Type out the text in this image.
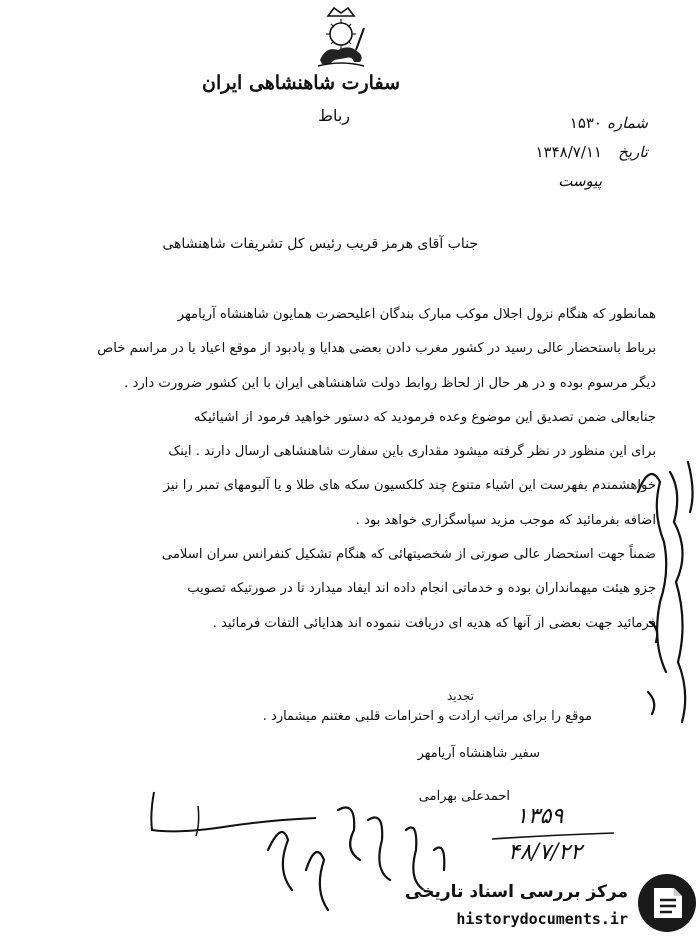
سفارت شاهنشاهی ایران
رباط	شماره
۱۵۳۰
تاریخ
۱۳۴۸/۷/۱۱
پیوست
جناب آقای هرمز قریب رئیس کل تشریفات شاهنشاهی
همانطور که هنگام نزول اجلال موکب مبارک بندگان اعلیحضرت همایون شاهنشاه آریامهر
برباط باستحضار عالی رسید در کشور مغرب دادن بعضی هدایا و یادبود از موقع اعیاد یا در مراسم خاص
دیگر مرسوم بوده و در هر حال از لحاظ روابط دولت شاهنشاهی ایران با این کشور ضرورت دارد .
جنابعالی ضمن تصدیق این موضوع وعده فرمودید که دستور خواهید فرمود از اشیائیکه
برای این منظور در نظر گرفته میشود مقداری باین سفارت شاهنشاهی ارسال دارند . اینک
خواهشمندم بفهرست این اشیاء متنوع چند کلکسیون سکه های طلا و یا آلبومهای تمبر را نیز
اضافه بفرمائید که موجب مزید سپاسگزاری خواهد بود .
ضمناً جهت استحضار عالی صورتی از شخصیتهائی که هنگام تشکیل کنفرانس سران اسلامی
جزو هیئت میهمانداران بوده و خدماتی انجام داده اند ایفاد میدارد تا در صورتیکه تصویب
فرمائید جهت بعضی از آنها که هدیه ای دریافت ننموده اند هدایائی التفات فرمائید .
تجدید
موقع را برای مراتب ارادت و احترامات قلبی مغتنم میشمارد .
سفیر شاهنشاه آریامهر
احمدعلی بهرامی
۱۳۵۹
۴۸/۷/۲۲
مرکز بررسی اسناد تاریخی
historydocuments.ir
